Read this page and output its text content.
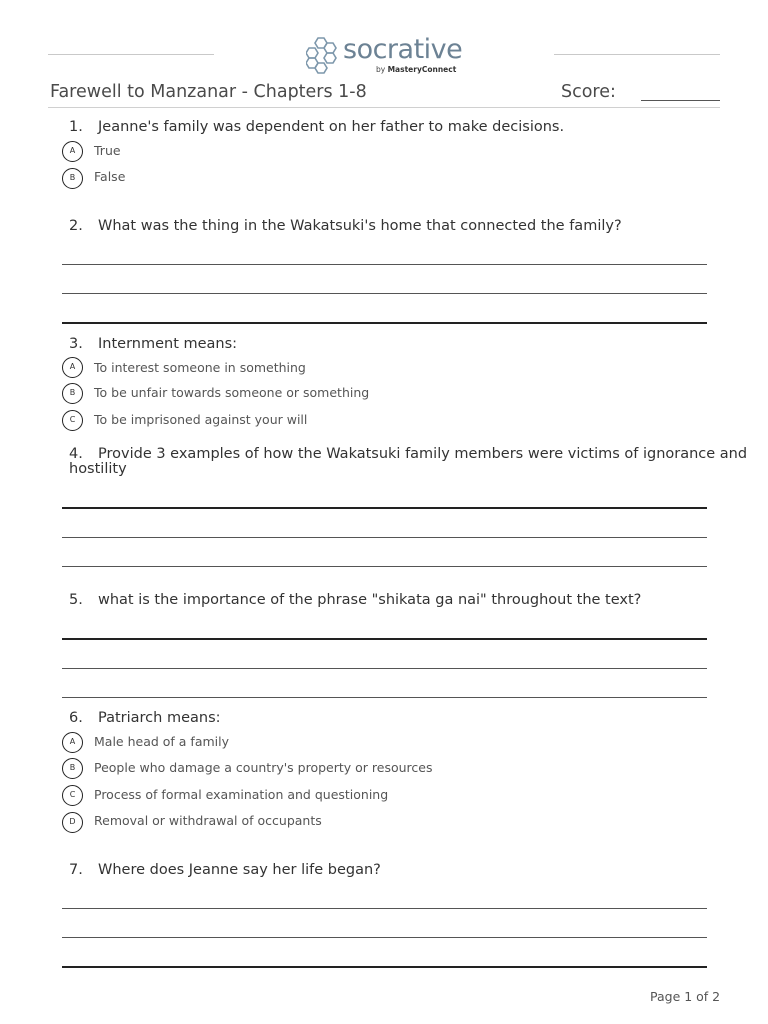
socrative
by MasteryConnect
Farewell to Manzanar - Chapters 1-8	Score:
1. Jeanne's family was dependent on her father to make decisions.
A	True
B	False
2. What was the thing in the Wakatsuki's home that connected the family?
3. Internment means:
A	To interest someone in something
B	To be unfair towards someone or something
C	To be imprisoned against your will
4. Provide 3 examples of how the Wakatsuki family members were victims of ignorance and hostility
5. what is the importance of the phrase "shikata ga nai" throughout the text?
6. Patriarch means:
A	Male head of a family
B	People who damage a country's property or resources
C	Process of formal examination and questioning
D	Removal or withdrawal of occupants
7. Where does Jeanne say her life began?
Page 1 of 2
